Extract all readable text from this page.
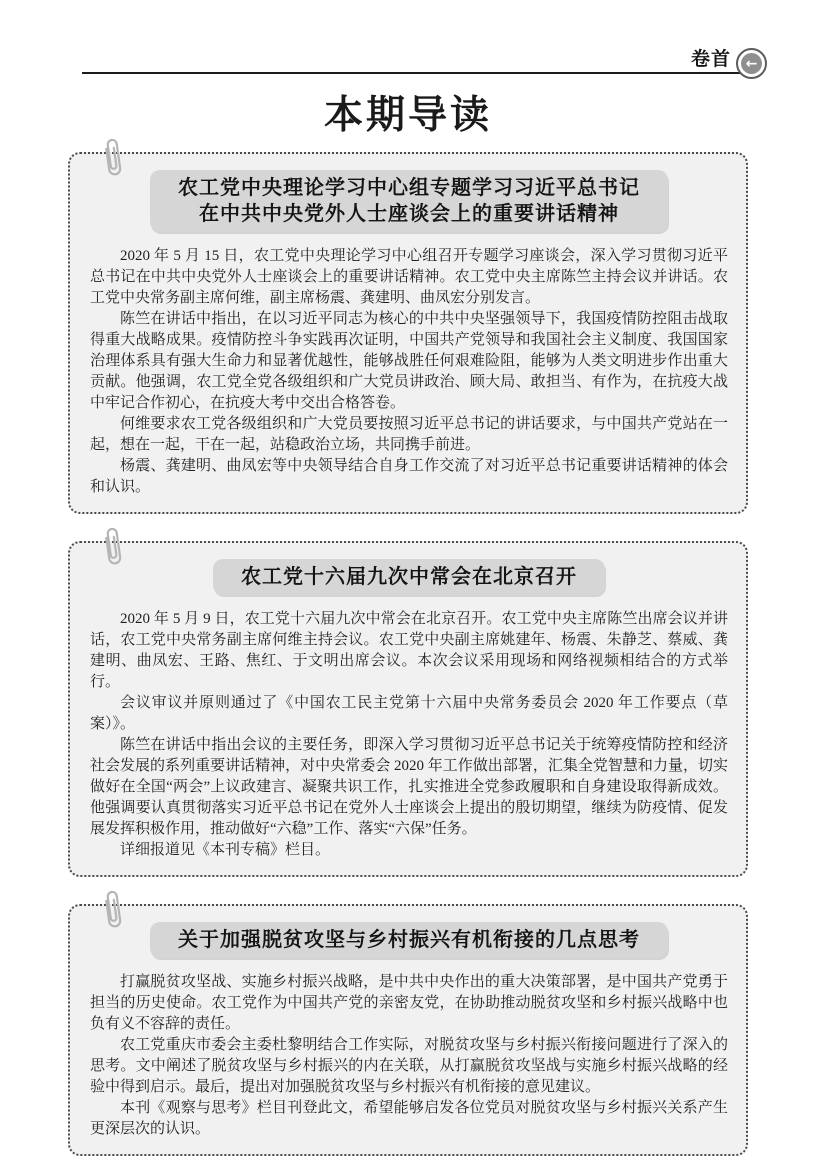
卷首	←
本期导读
农工党中央理论学习中心组专题学习习近平总书记
在中共中央党外人士座谈会上的重要讲话精神

2020 年 5 月 15 日，农工党中央理论学习中心组召开专题学习座谈会，深入学习贯彻习近平总书记在中共中央党外人士座谈会上的重要讲话精神。农工党中央主席陈竺主持会议并讲话。农工党中央常务副主席何维，副主席杨震、龚建明、曲凤宏分别发言。

陈竺在讲话中指出，在以习近平同志为核心的中共中央坚强领导下，我国疫情防控阻击战取得重大战略成果。疫情防控斗争实践再次证明，中国共产党领导和我国社会主义制度、我国国家治理体系具有强大生命力和显著优越性，能够战胜任何艰难险阻，能够为人类文明进步作出重大贡献。他强调，农工党全党各级组织和广大党员讲政治、顾大局、敢担当、有作为，在抗疫大战中牢记合作初心，在抗疫大考中交出合格答卷。

何维要求农工党各级组织和广大党员要按照习近平总书记的讲话要求，与中国共产党站在一起，想在一起，干在一起，站稳政治立场，共同携手前进。

杨震、龚建明、曲凤宏等中央领导结合自身工作交流了对习近平总书记重要讲话精神的体会和认识。

农工党十六届九次中常会在北京召开

2020 年 5 月 9 日，农工党十六届九次中常会在北京召开。农工党中央主席陈竺出席会议并讲话，农工党中央常务副主席何维主持会议。农工党中央副主席姚建年、杨震、朱静芝、蔡威、龚建明、曲凤宏、王路、焦红、于文明出席会议。本次会议采用现场和网络视频相结合的方式举行。

会议审议并原则通过了《中国农工民主党第十六届中央常务委员会 2020 年工作要点（草案）》。

陈竺在讲话中指出会议的主要任务，即深入学习贯彻习近平总书记关于统筹疫情防控和经济社会发展的系列重要讲话精神，对中央常委会 2020 年工作做出部署，汇集全党智慧和力量，切实做好在全国“两会”上议政建言、凝聚共识工作，扎实推进全党参政履职和自身建设取得新成效。他强调要认真贯彻落实习近平总书记在党外人士座谈会上提出的殷切期望，继续为防疫情、促发展发挥积极作用，推动做好“六稳”工作、落实“六保”任务。

详细报道见《本刊专稿》栏目。

关于加强脱贫攻坚与乡村振兴有机衔接的几点思考

打赢脱贫攻坚战、实施乡村振兴战略，是中共中央作出的重大决策部署，是中国共产党勇于担当的历史使命。农工党作为中国共产党的亲密友党，在协助推动脱贫攻坚和乡村振兴战略中也负有义不容辞的责任。

农工党重庆市委会主委杜黎明结合工作实际，对脱贫攻坚与乡村振兴衔接问题进行了深入的思考。文中阐述了脱贫攻坚与乡村振兴的内在关联，从打赢脱贫攻坚战与实施乡村振兴战略的经验中得到启示。最后，提出对加强脱贫攻坚与乡村振兴有机衔接的意见建议。

本刊《观察与思考》栏目刊登此文，希望能够启发各位党员对脱贫攻坚与乡村振兴关系产生更深层次的认识。
